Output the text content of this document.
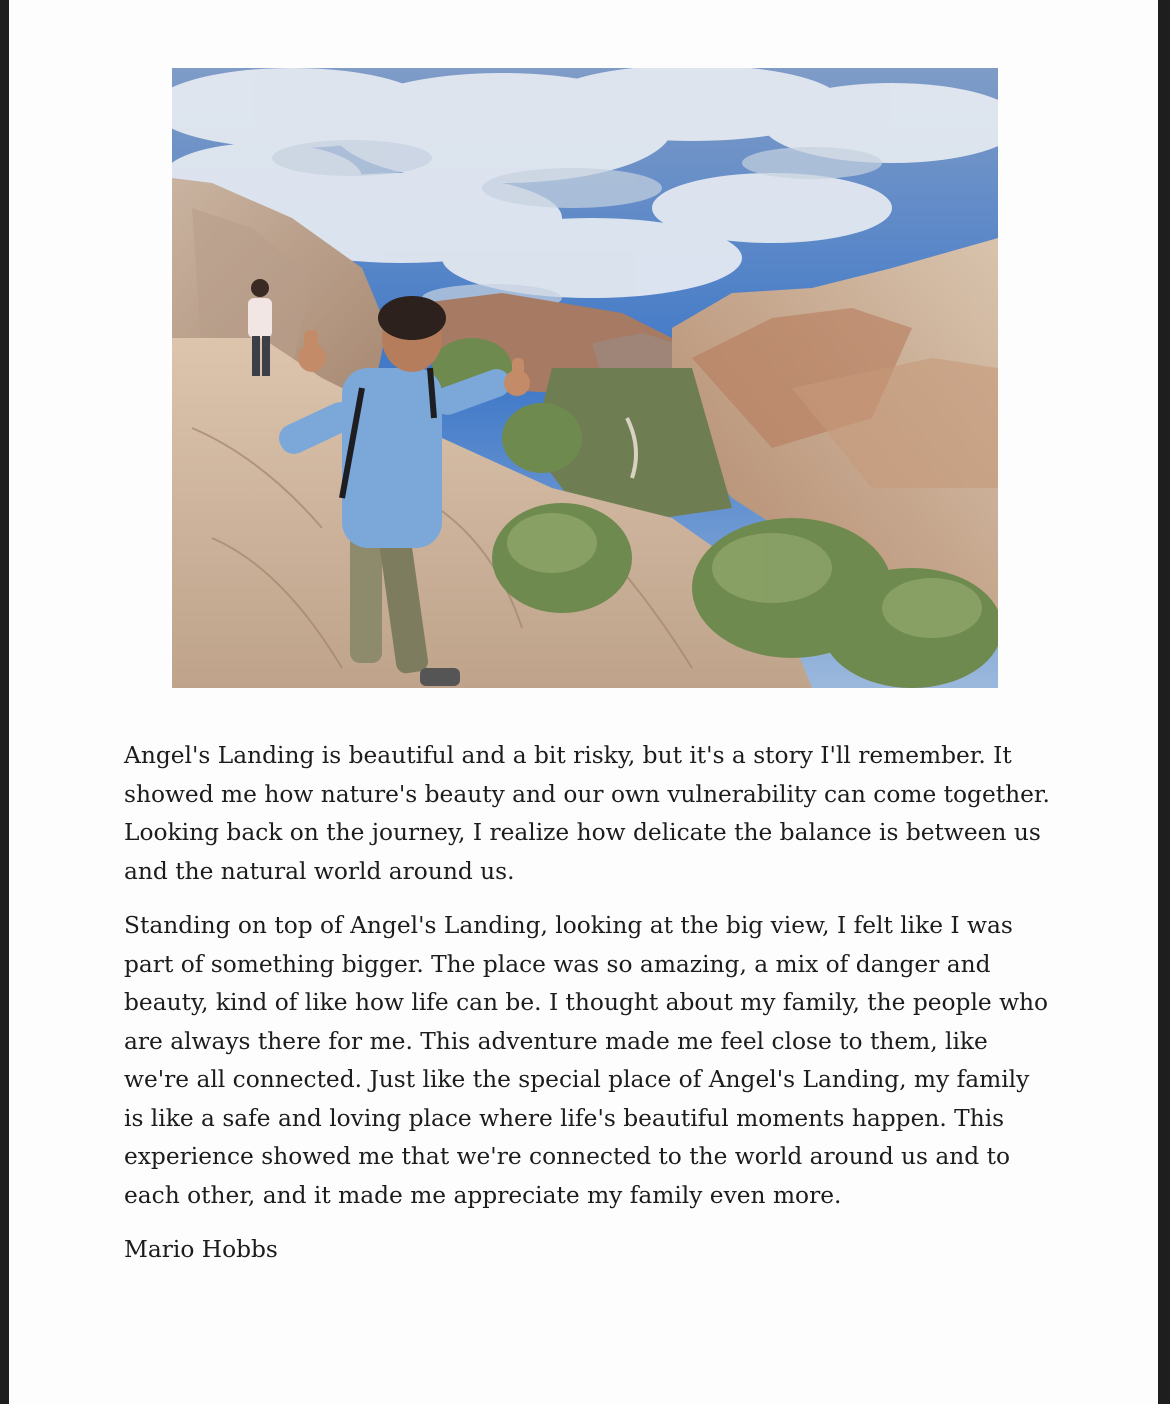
Angel's Landing is beautiful and a bit risky, but it's a story I'll remember. It showed me how nature's beauty and our own vulnerability can come together. Looking back on the journey, I realize how delicate the balance is between us and the natural world around us.

Standing on top of Angel's Landing, looking at the big view, I felt like I was part of something bigger. The place was so amazing, a mix of danger and beauty, kind of like how life can be. I thought about my family, the people who are always there for me. This adventure made me feel close to them, like we're all connected. Just like the special place of Angel's Landing, my family is like a safe and loving place where life's beautiful moments happen. This experience showed me that we're connected to the world around us and to each other, and it made me appreciate my family even more.

Mario Hobbs
